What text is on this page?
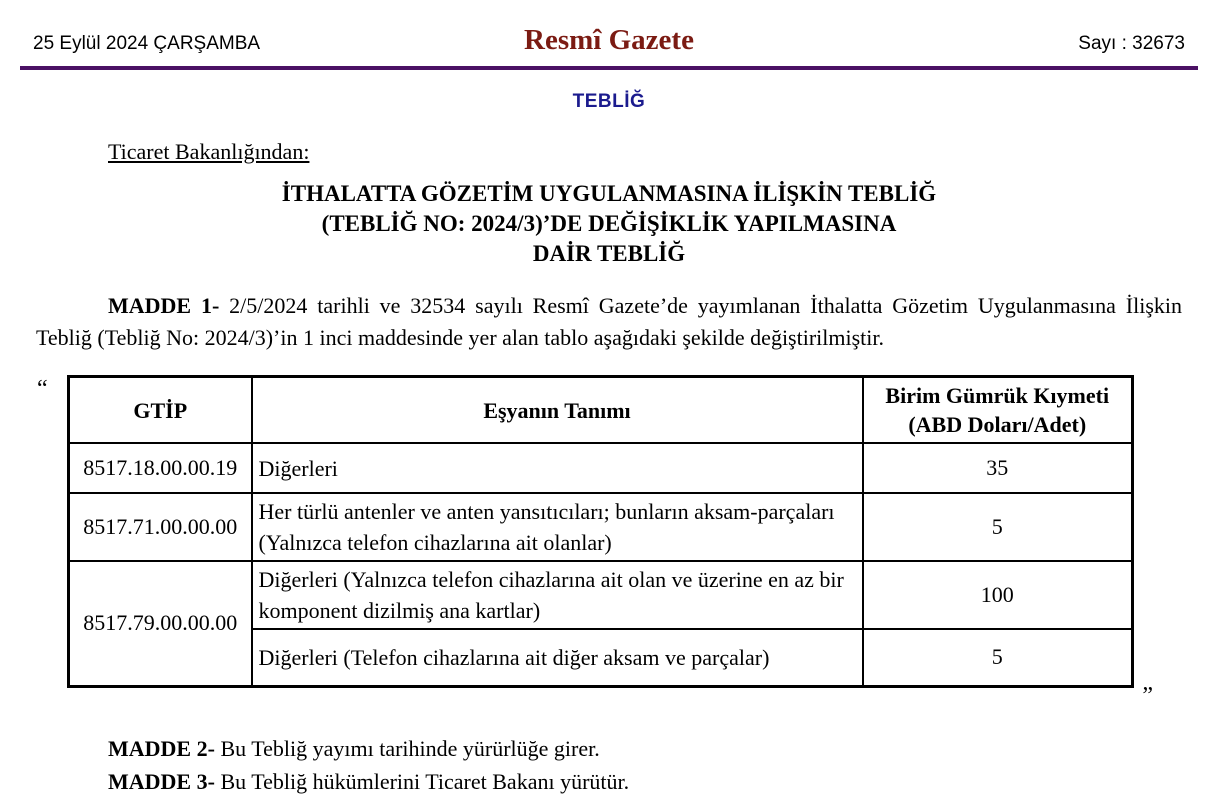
25 Eylül 2024 ÇARŞAMBA	Resmî Gazete	Sayı : 32673
TEBLİĞ
Ticaret Bakanlığından:
İTHALATTA GÖZETİM UYGULANMASINA İLİŞKİN TEBLİĞ
(TEBLİĞ NO: 2024/3)’DE DEĞİŞİKLİK YAPILMASINA
DAİR TEBLİĞ

MADDE 1- 2/5/2024 tarihli ve 32534 sayılı Resmî Gazete’de yayımlanan İthalatta Gözetim Uygulanmasına İlişkin Tebliğ (Tebliğ No: 2024/3)’in 1 inci maddesinde yer alan tablo aşağıdaki şekilde değiştirilmiştir.

“
”
GTİP	Eşyanın Tanımı	Birim Gümrük Kıymeti
(ABD Doları/Adet)

8517.18.00.00.19	Diğerleri	35
8517.71.00.00.00	Her türlü antenler ve anten yansıtıcıları; bunların aksam-parçaları (Yalnızca telefon cihazlarına ait olanlar)	5
8517.79.00.00.00	Diğerleri (Yalnızca telefon cihazlarına ait olan ve üzerine en az bir komponent dizilmiş ana kartlar)	100
	Diğerleri (Telefon cihazlarına ait diğer aksam ve parçalar)	5

MADDE 2- Bu Tebliğ yayımı tarihinde yürürlüğe girer.

MADDE 3- Bu Tebliğ hükümlerini Ticaret Bakanı yürütür.
